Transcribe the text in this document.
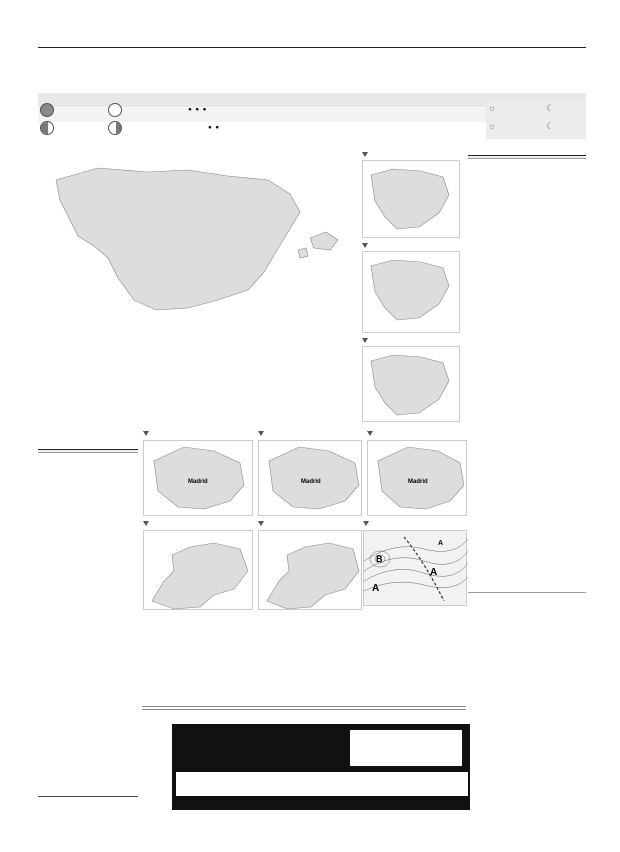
●  ●  ●
●  ●
☼	☾

☼	☾

Madrid	Madrid	Madrid
B
A
A
A
